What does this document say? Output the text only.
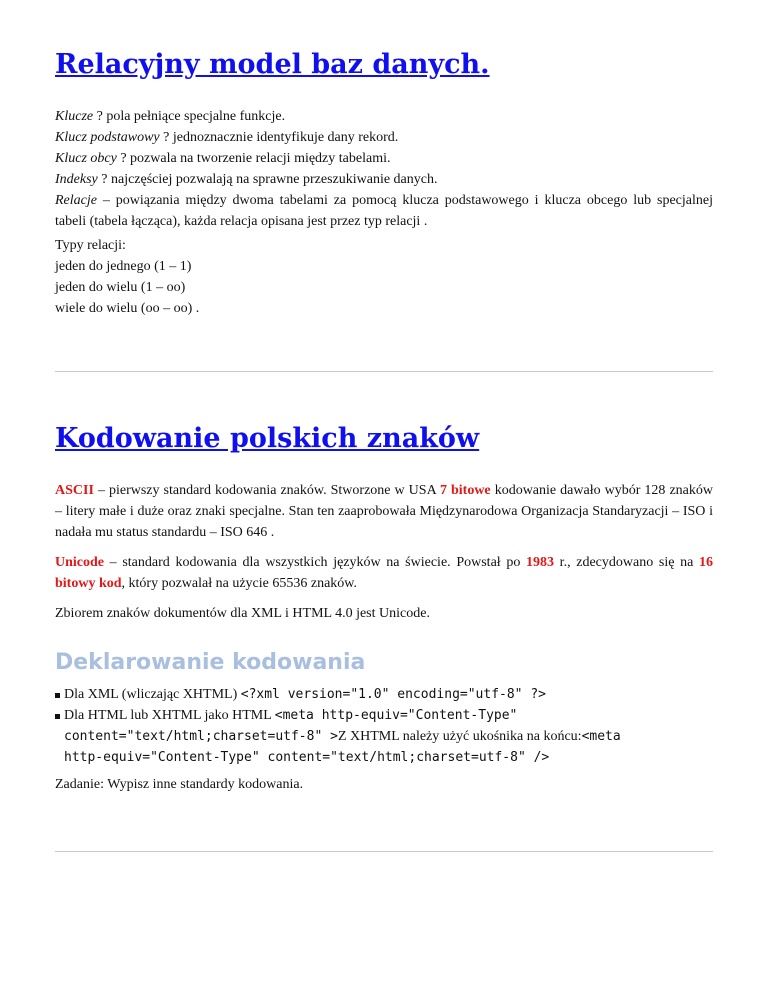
Relacyjny model baz danych.
Klucze ? pola pełniące specjalne funkcje.
Klucz podstawowy ? jednoznacznie identyfikuje dany rekord.
Klucz obcy ? pozwala na tworzenie relacji między tabelami.
Indeksy ? najczęściej pozwalają na sprawne przeszukiwanie danych.
Relacje – powiązania między dwoma tabelami za pomocą klucza podstawowego i klucza obcego lub specjalnej tabeli (tabela łącząca), każda relacja opisana jest przez typ relacji .
Typy relacji:
jeden do jednego (1 – 1)
jeden do wielu (1 – oo)
wiele do wielu (oo – oo) .
Kodowanie polskich znaków
ASCII – pierwszy standard kodowania znaków. Stworzone w USA 7 bitowe kodowanie dawało wybór 128 znaków – litery małe i duże oraz znaki specjalne. Stan ten zaaprobowała Międzynarodowa Organizacja Standaryzacji – ISO i nadała mu status standardu – ISO 646 .
Unicode – standard kodowania dla wszystkich języków na świecie. Powstał po 1983 r., zdecydowano się na 16 bitowy kod, który pozwalał na użycie 65536 znaków.
Zbiorem znaków dokumentów dla XML i HTML 4.0 jest Unicode.
Deklarowanie kodowania
Dla XML (wliczając XHTML) <?xml version="1.0" encoding="utf-8" ?>
Dla HTML lub XHTML jako HTML <meta http-equiv="Content-Type"
content="text/html;charset=utf-8" >Z XHTML należy użyć ukośnika na końcu:<meta
http-equiv="Content-Type" content="text/html;charset=utf-8" />
Zadanie: Wypisz inne standardy kodowania.
